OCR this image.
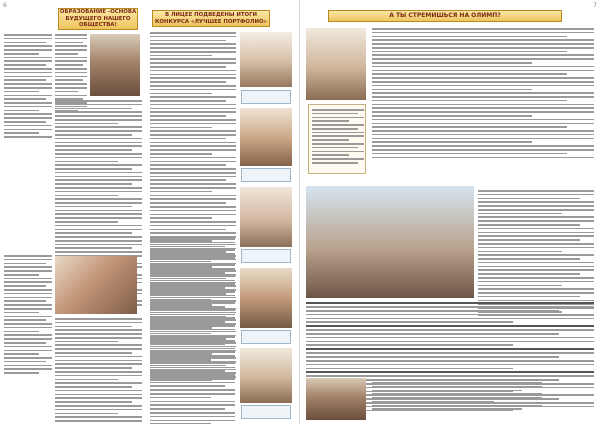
6	7
ОБРАЗОВАНИЕ -ОСНОВА БУДУЩЕГО НАШЕГО ОБЩЕСТВА!
В ЛИЦЕЕ ПОДВЕДЕНЫ ИТОГИ КОНКУРСА «ЛУЧШЕЕ ПОРТФОЛИО»
А ТЫ СТРЕМИШЬСЯ НА ОЛИМП?
